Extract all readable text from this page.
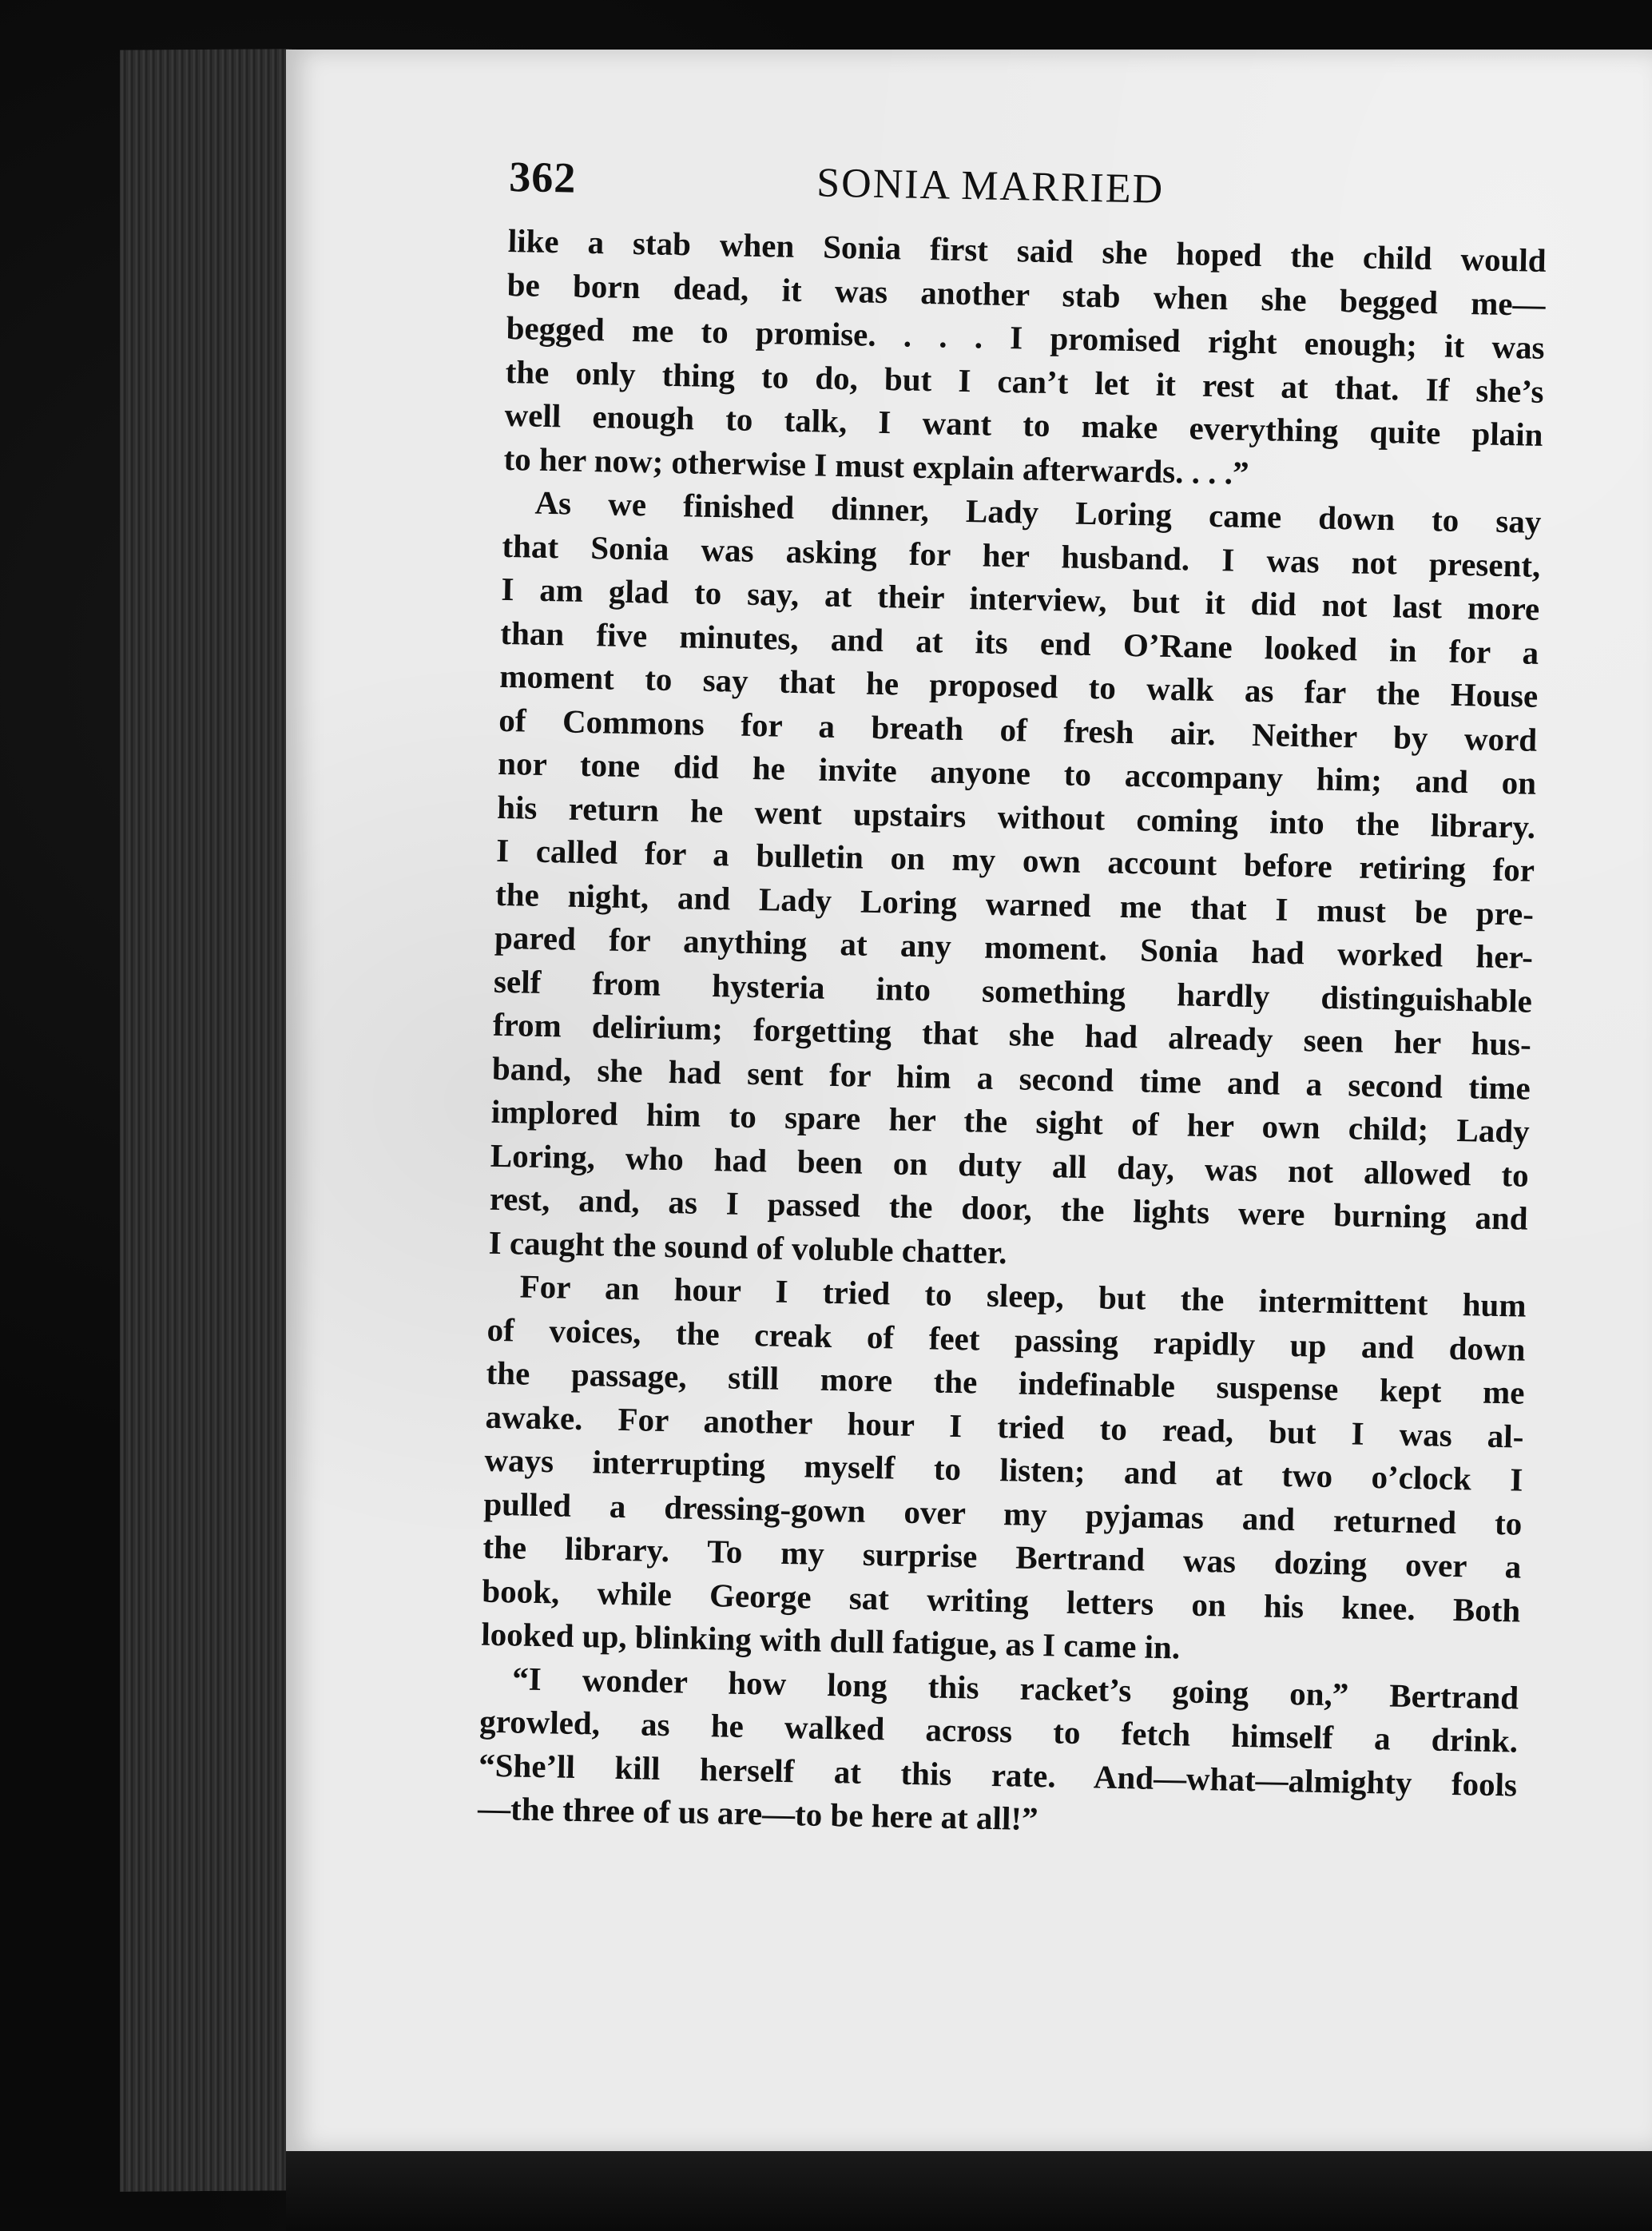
362	SONIA MARRIED
like a stab when Sonia first said she hoped the child would
be born dead, it was another stab when she begged me—
begged me to promise. . . . I promised right enough; it was
the only thing to do, but I can’t let it rest at that. If she’s
well enough to talk, I want to make everything quite plain
to her now; otherwise I must explain afterwards. . . .”
As we finished dinner, Lady Loring came down to say
that Sonia was asking for her husband. I was not present,
I am glad to say, at their interview, but it did not last more
than five minutes, and at its end O’Rane looked in for a
moment to say that he proposed to walk as far the House
of Commons for a breath of fresh air. Neither by word
nor tone did he invite anyone to accompany him; and on
his return he went upstairs without coming into the library.
I called for a bulletin on my own account before retiring for
the night, and Lady Loring warned me that I must be pre-
pared for anything at any moment. Sonia had worked her-
self from hysteria into something hardly distinguishable
from delirium; forgetting that she had already seen her hus-
band, she had sent for him a second time and a second time
implored him to spare her the sight of her own child; Lady
Loring, who had been on duty all day, was not allowed to
rest, and, as I passed the door, the lights were burning and
I caught the sound of voluble chatter.
For an hour I tried to sleep, but the intermittent hum
of voices, the creak of feet passing rapidly up and down
the passage, still more the indefinable suspense kept me
awake. For another hour I tried to read, but I was al-
ways interrupting myself to listen; and at two o’clock I
pulled a dressing-gown over my pyjamas and returned to
the library. To my surprise Bertrand was dozing over a
book, while George sat writing letters on his knee. Both
looked up, blinking with dull fatigue, as I came in.
“I wonder how long this racket’s going on,” Bertrand
growled, as he walked across to fetch himself a drink.
“She’ll kill herself at this rate. And—what—almighty fools
—the three of us are—to be here at all!”
